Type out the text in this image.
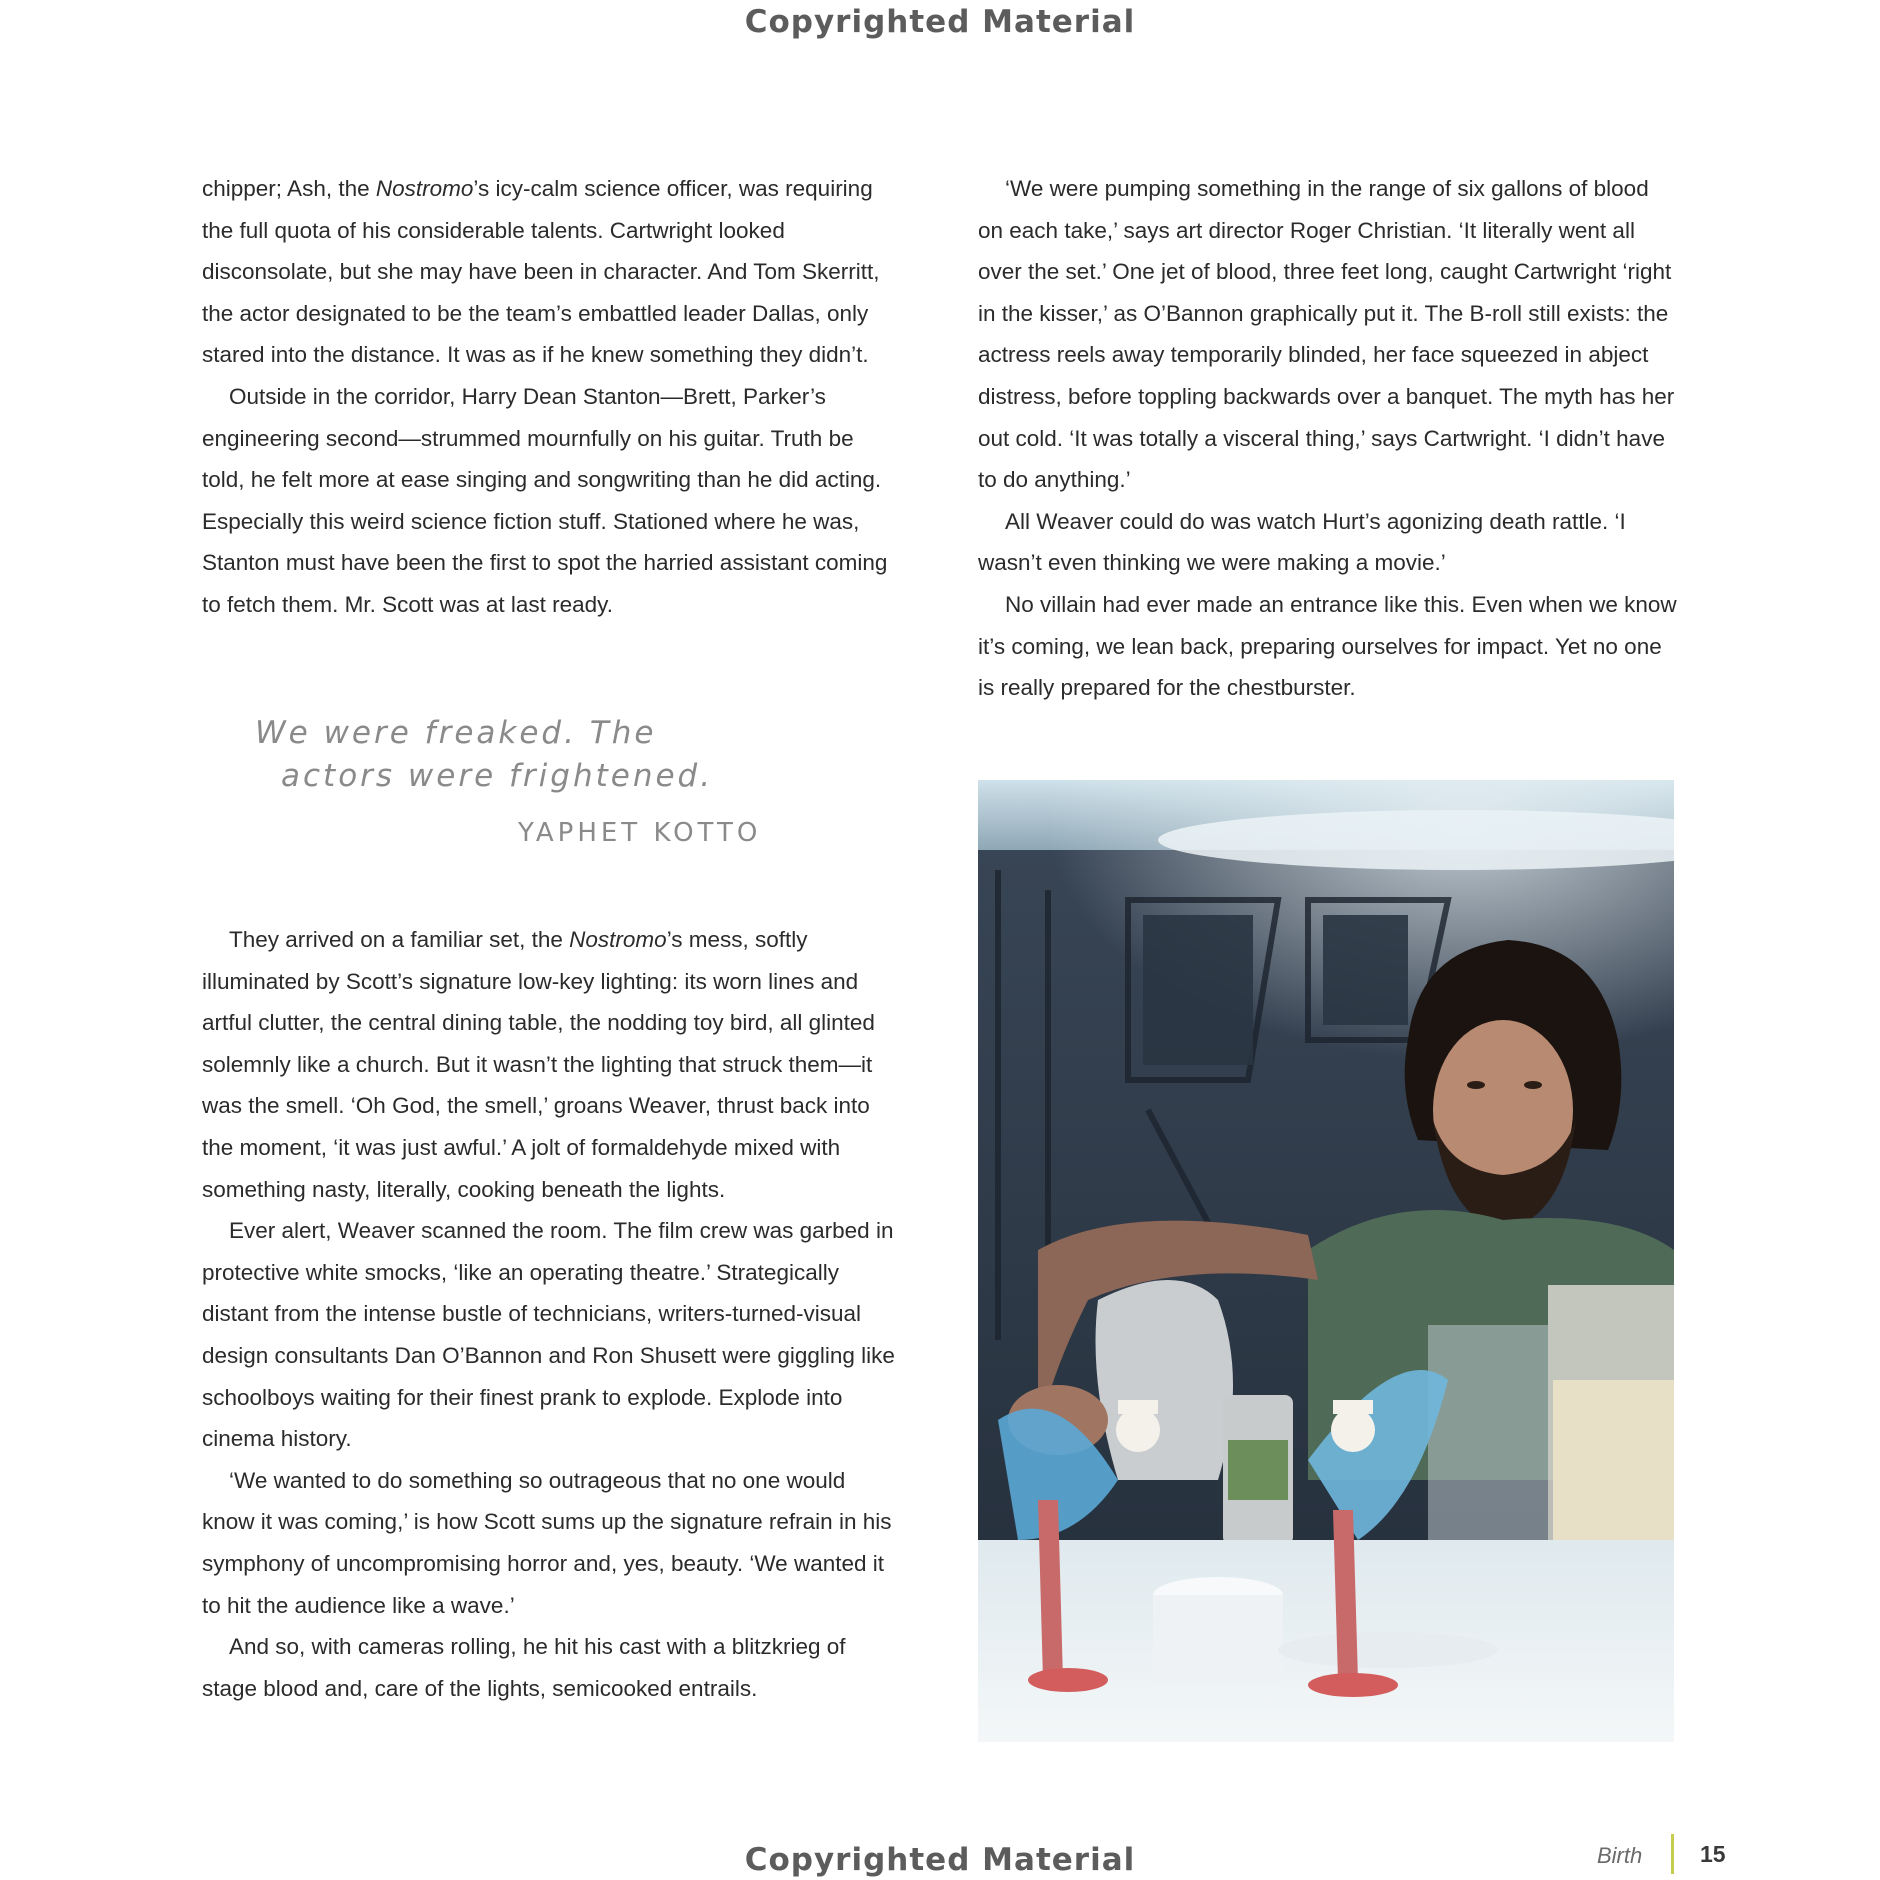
Copyrighted Material

chipper; Ash, the Nostromo’s icy-calm science officer, was requiring the full quota of his considerable talents. Cartwright looked disconsolate, but she may have been in character. And Tom Skerritt, the actor designated to be the team’s embattled leader Dallas, only stared into the distance. It was as if he knew something they didn’t.

Outside in the corridor, Harry Dean Stanton—Brett, Parker’s engineering second—strummed mournfully on his guitar. Truth be told, he felt more at ease singing and songwriting than he did acting. Especially this weird science fiction stuff. Stationed where he was, Stanton must have been the first to spot the harried assistant coming to fetch them. Mr. Scott was at last ready.

We were freaked. The
actors were frightened.
YAPHET KOTTO

They arrived on a familiar set, the Nostromo’s mess, softly illuminated by Scott’s signature low-key lighting: its worn lines and artful clutter, the central dining table, the nodding toy bird, all glinted solemnly like a church. But it wasn’t the lighting that struck them—it was the smell. ‘Oh God, the smell,’ groans Weaver, thrust back into the moment, ‘it was just awful.’ A jolt of formaldehyde mixed with something nasty, literally, cooking beneath the lights.

Ever alert, Weaver scanned the room. The film crew was garbed in protective white smocks, ‘like an operating theatre.’ Strategically distant from the intense bustle of technicians, writers-turned-visual design consultants Dan O’Bannon and Ron Shusett were giggling like schoolboys waiting for their finest prank to explode. Explode into cinema history.

‘We wanted to do something so outrageous that no one would know it was coming,’ is how Scott sums up the signature refrain in his symphony of uncompromising horror and, yes, beauty. ‘We wanted it to hit the audience like a wave.’

And so, with cameras rolling, he hit his cast with a blitzkrieg of stage blood and, care of the lights, semicooked entrails.

‘We were pumping something in the range of six gallons of blood on each take,’ says art director Roger Christian. ‘It literally went all over the set.’ One jet of blood, three feet long, caught Cartwright ‘right in the kisser,’ as O’Bannon graphically put it. The B-roll still exists: the actress reels away temporarily blinded, her face squeezed in abject distress, before toppling backwards over a banquet. The myth has her out cold. ‘It was totally a visceral thing,’ says Cartwright. ‘I didn’t have to do anything.’

All Weaver could do was watch Hurt’s agonizing death rattle. ‘I wasn’t even thinking we were making a movie.’

No villain had ever made an entrance like this. Even when we know it’s coming, we lean back, preparing ourselves for impact. Yet no one is really prepared for the chestburster.

Birth	15
Copyrighted Material
